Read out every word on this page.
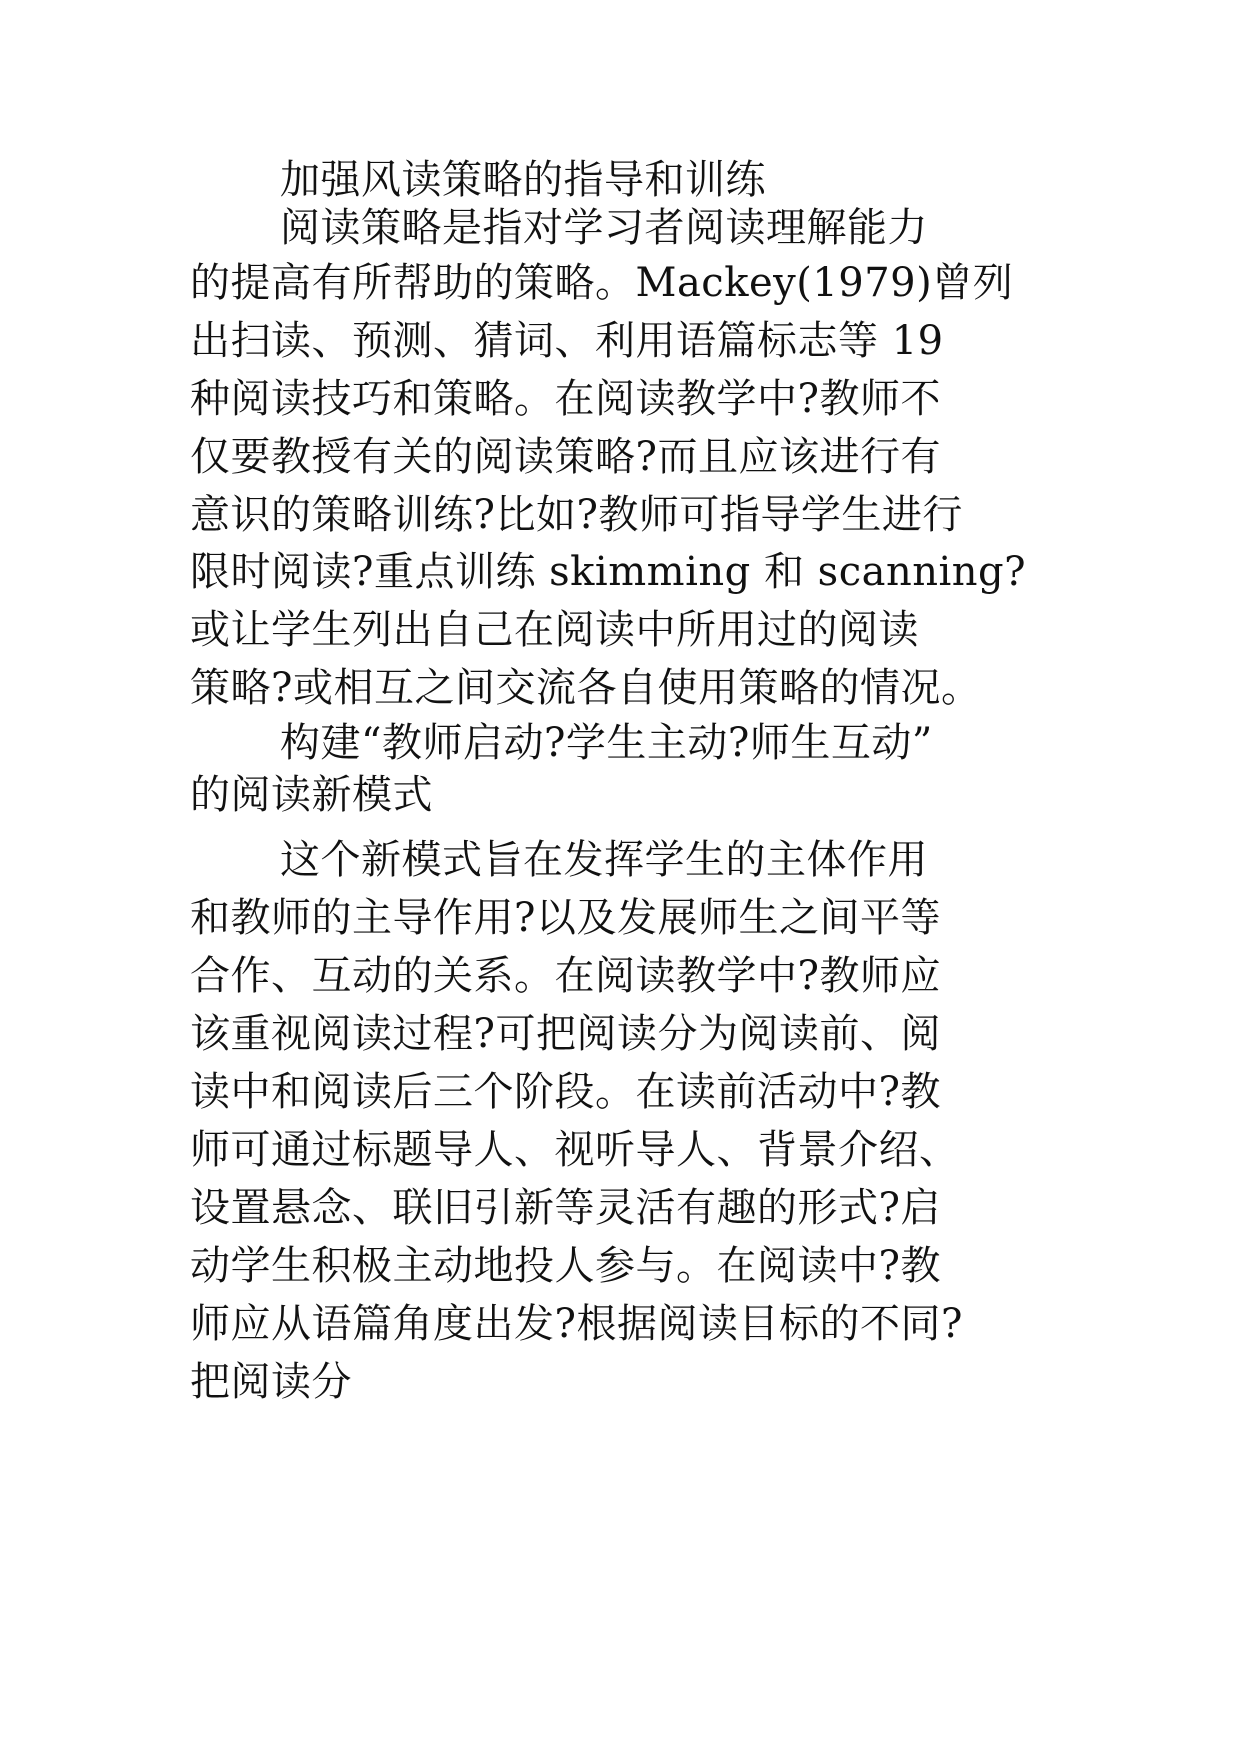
加强风读策略的指导和训练
阅读策略是指对学习者阅读理解能力
的提高有所帮助的策略。Mackey(1979)曾列
出扫读、预测、猜词、利用语篇标志等 19
种阅读技巧和策略。在阅读教学中?教师不
仅要教授有关的阅读策略?而且应该进行有
意识的策略训练?比如?教师可指导学生进行
限时阅读?重点训练 skimming 和 scanning?
或让学生列出自己在阅读中所用过的阅读
策略?或相互之间交流各自使用策略的情况。
构建“教师启动?学生主动?师生互动”
的阅读新模式
这个新模式旨在发挥学生的主体作用
和教师的主导作用?以及发展师生之间平等
合作、互动的关系。在阅读教学中?教师应
该重视阅读过程?可把阅读分为阅读前、阅
读中和阅读后三个阶段。在读前活动中?教
师可通过标题导人、视听导人、背景介绍、
设置悬念、联旧引新等灵活有趣的形式?启
动学生积极主动地投人参与。在阅读中?教
师应从语篇角度出发?根据阅读目标的不同?
把阅读分
